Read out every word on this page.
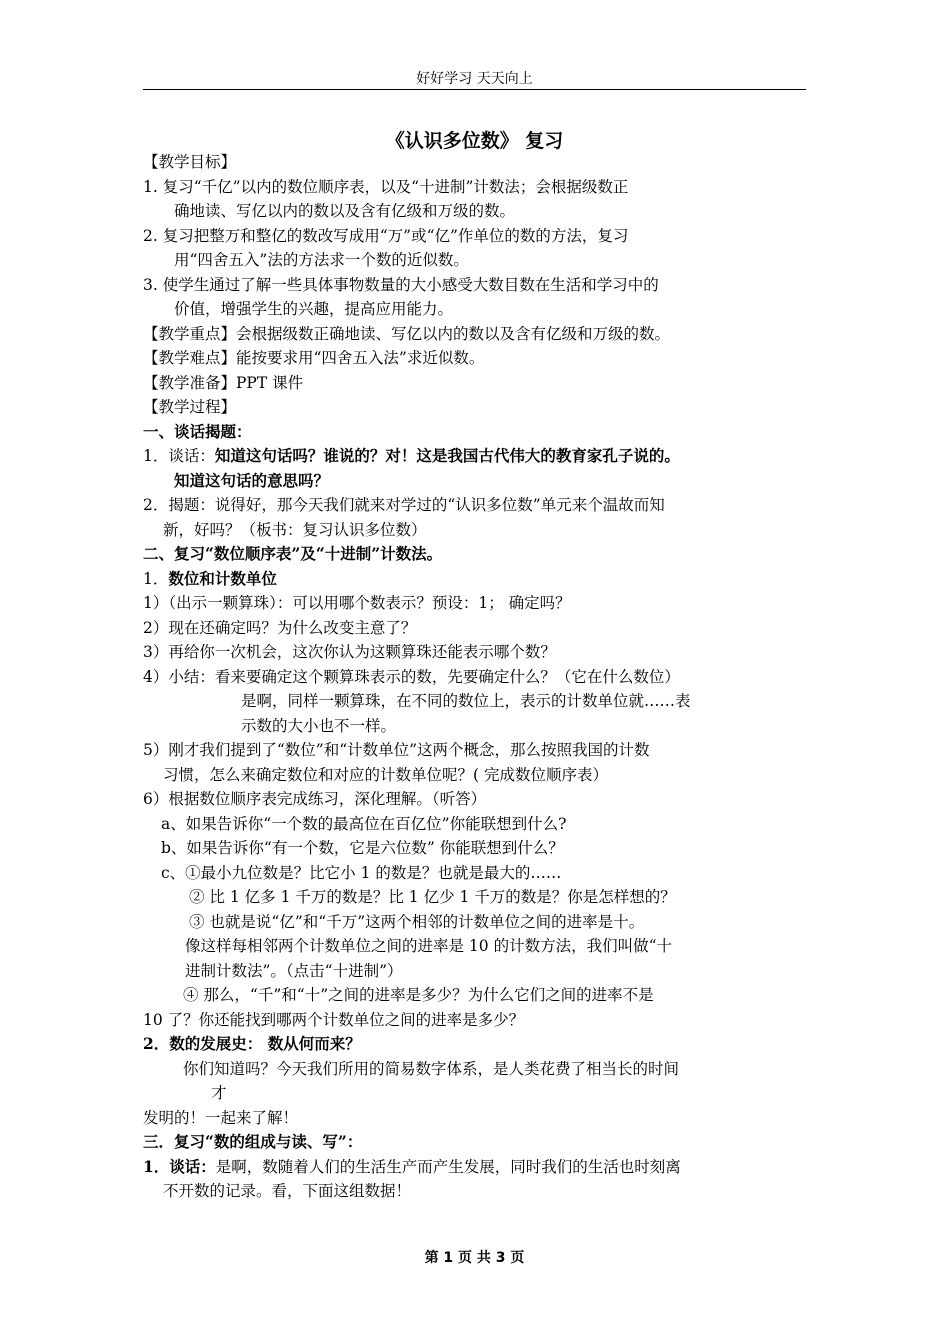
好好学习 天天向上
《认识多位数》 复习
【教学目标】
1. 复习“千亿”以内的数位顺序表，以及“十进制”计数法；会根据级数正
确地读、写亿以内的数以及含有亿级和万级的数。
2. 复习把整万和整亿的数改写成用“万”或“亿”作单位的数的方法，复习
用“四舍五入”法的方法求一个数的近似数。
3. 使学生通过了解一些具体事物数量的大小感受大数目数在生活和学习中的
价值，增强学生的兴趣，提高应用能力。
【教学重点】会根据级数正确地读、写亿以内的数以及含有亿级和万级的数。
【教学难点】能按要求用“四舍五入法”求近似数。
【教学准备】PPT 课件
【教学过程】
一、谈话揭题：
1．谈话：知道这句话吗？谁说的？对！这是我国古代伟大的教育家孔子说的。
知道这句话的意思吗？
2．揭题：说得好，那今天我们就来对学过的“认识多位数”单元来个温故而知
新，好吗？（板书：复习认识多位数）
二、复习“数位顺序表”及“十进制”计数法。
1．数位和计数单位
1）（出示一颗算珠）：可以用哪个数表示？预设：1； 确定吗？
2）现在还确定吗？为什么改变主意了？
3）再给你一次机会，这次你认为这颗算珠还能表示哪个数？
4）小结：看来要确定这个颗算珠表示的数，先要确定什么？（它在什么数位）
是啊，同样一颗算珠，在不同的数位上，表示的计数单位就……表
示数的大小也不一样。
5）刚才我们提到了“数位”和“计数单位”这两个概念，那么按照我国的计数
习惯，怎么来确定数位和对应的计数单位呢？( 完成数位顺序表）
6）根据数位顺序表完成练习，深化理解。（听答）
a、如果告诉你“一个数的最高位在百亿位”你能联想到什么?
b、如果告诉你“有一个数，它是六位数” 你能联想到什么？
c、①最小九位数是？比它小 1 的数是？也就是最大的……
② 比 1 亿多 1 千万的数是？比 1 亿少 1 千万的数是？你是怎样想的？
③ 也就是说“亿”和“千万”这两个相邻的计数单位之间的进率是十。
像这样每相邻两个计数单位之间的进率是 10 的计数方法，我们叫做“十
进制计数法”。（点击“十进制”）
④ 那么，“千”和“十”之间的进率是多少？为什么它们之间的进率不是
10 了？你还能找到哪两个计数单位之间的进率是多少？
2．数的发展史： 数从何而来？
你们知道吗？今天我们所用的简易数字体系，是人类花费了相当长的时间
才
发明的！一起来了解！
三．复习“数的组成与读、写”：
1．谈话：是啊，数随着人们的生活生产而产生发展，同时我们的生活也时刻离
不开数的记录。看，下面这组数据！
第 1 页 共 3 页
